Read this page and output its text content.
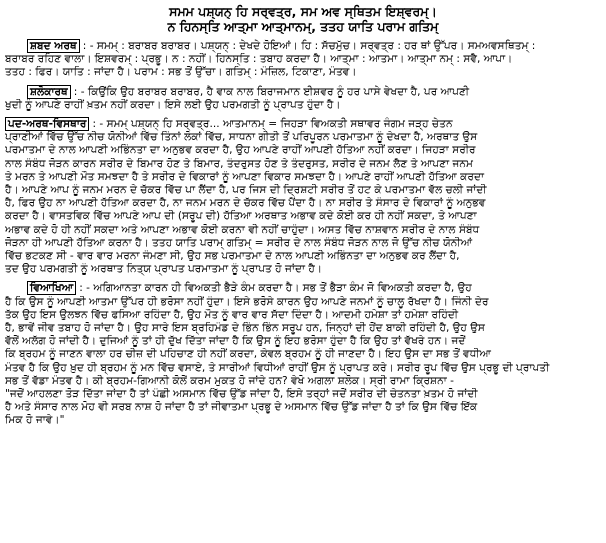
ਸਮਮ ਪਸ਼੍ਯਨ੍ ਹਿ ਸਰ੍ਵਤ੍ਰ, ਸਮ ਅਵ ਸ੍ਥਿਤਮ ਇਸ਼੍ਵਰਮ੍।
ਨ ਹਿਨਸ੍ਤਿ ਆਤ੍ਮਾ ਆਤ੍ਮਾਨਮ੍, ਤਤਹ ਯਾਤਿ ਪਰਾਮ ਗਤਿਮ੍
ਸ਼ਬਦ ਅਰਥ : - ਸਮਮ੍ : ਬਰਾਬਰ ਬਰਾਬਰ। ਪਸ਼੍ਯਨ੍ : ਦੇਖਦੇ ਹੋਇਆਂ। ਹਿ : ਸੱਚਮੁੱਚ। ਸਰ੍ਵਤ੍ਰ : ਹਰ ਥਾਂ ਉੱਪਰ। ਸਮਅਵਸਥਿਤਮ੍ :
ਬਰਾਬਰ ਰਹਿਣ ਵਾਲਾ। ਇਸ਼ਵਰਮ੍ : ਪ੍ਰਭੂ। ਨ : ਨਹੀਂ। ਹਿਨਸ੍ਤਿ : ਤਬਾਹ ਕਰਦਾ ਹੈ। ਆਤ੍ਮਾ : ਆਤਮਾ। ਆਤ੍ਮਾ ਨਮ੍ : ਸਵੈ, ਆਪਾ।
ਤਤਹ : ਫਿਰ। ਯਾਤਿ : ਜਾਂਦਾ ਹੈ। ਪਰਾਮ : ਸਭ ਤੋਂ ਉੱਚਾ। ਗਤਿਮ੍ : ਮੰਜ਼ਿਲ, ਟਿਕਾਣਾ, ਮੰਤਵ।
ਸ਼ਲੋਕਾਰਥ : - ਕਿਉਂਕਿ ਉਹ ਬਰਾਬਰ ਬਰਾਬਰ, ਹੈ ਵਾਕ ਨਾਲ ਬਿਰਾਜਮਾਨ ਈਸ਼ਵਰ ਨੂੰ ਹਰ ਪਾਸੇ ਵੇਖਦਾ ਹੈ, ਪਰ ਆਪਣੀ
ਖੁਦੀ ਨੂੰ ਆਪਣੇ ਰਾਹੀਂ ਖ਼ਤਮ ਨਹੀਂ ਕਰਦਾ। ਇਸੇ ਲਈ ਉਹ ਪਰਮਗਤੀ ਨੂੰ ਪ੍ਰਾਪਤ ਹੁੰਦਾ ਹੈ।
ਪਦ-ਅਰਥ-ਵਿਸਥਾਰ : - ਸਮਮ੍ ਪਸ਼੍ਯਨ੍ ਹਿ ਸਰ੍ਵਤ੍ਰ... ਆਤਮਾਨਮ੍ = ਜਿਹੜਾ ਵਿਅਕਤੀ ਸਥਾਵਰ ਜੰਗਮ ਜੜ੍ਹ ਚੇਤਨ
ਪ੍ਰਾਣੀਆਂ ਵਿੱਚ ਉੱਚ ਨੀਚ ਯੋਨੀਆਂ ਵਿੱਚ ਤਿੰਨਾਂ ਲੋਕਾਂ ਵਿੱਚ, ਸਾਧਨਾ ਗੀਤੀ ਤੋਂ ਪਰਿਪੂਰਨ ਪਰਮਾਤਮਾ ਨੂੰ ਦੇਖਦਾ ਹੈ, ਅਰਥਾਤ ਉਸ
ਪਰਮਾਤਮਾ ਦੇ ਨਾਲ ਆਪਣੀ ਅਭਿੰਨਤਾ ਦਾ ਅਨੁਭਵ ਕਰਦਾ ਹੈ, ਉਹ ਆਪਣੇ ਰਾਹੀਂ ਆਪਣੀ ਹੱਤਿਆ ਨਹੀਂ ਕਰਦਾ। ਜਿਹੜਾ ਸਰੀਰ
ਨਾਲ ਸੰਬੰਧ ਜੋੜਨ ਕਾਰਨ ਸਰੀਰ ਦੇ ਬਿਮਾਰ ਹੋਣ ਤੇ ਬਿਮਾਰ, ਤੰਦਰੁਸਤ ਹੋਣ ਤੇ ਤੰਦਰੁਸਤ, ਸਰੀਰ ਦੇ ਜਨਮ ਲੈਣ ਤੇ ਆਪਣਾ ਜਨਮ
ਤੇ ਮਰਨ ਤੇ ਆਪਣੀ ਮੌਤ ਸਮਝਦਾ ਹੈ ਤੇ ਸਰੀਰ ਦੇ ਵਿਕਾਰਾਂ ਨੂੰ ਆਪਣਾ ਵਿਕਾਰ ਸਮਝਦਾ ਹੈ। ਆਪਣੇ ਰਾਹੀਂ ਆਪਣੀ ਹੱਤਿਆ ਕਰਦਾ
ਹੈ। ਆਪਣੇ ਆਪ ਨੂੰ ਜਨਮ ਮਰਨ ਦੇ ਚੱਕਰ ਵਿੱਚ ਪਾ ਲੈਂਦਾ ਹੈ, ਪਰ ਜਿਸ ਦੀ ਦ੍ਰਿਸ਼ਟੀ ਸਰੀਰ ਤੋਂ ਹਟ ਕੇ ਪਰਮਾਤਮਾ ਵੱਲ ਚਲੀ ਜਾਂਦੀ
ਹੈ, ਫਿਰ ਉਹ ਨਾ ਆਪਣੀ ਹੱਤਿਆ ਕਰਦਾ ਹੈ, ਨਾ ਜਨਮ ਮਰਨ ਦੇ ਚੱਕਰ ਵਿੱਚ ਪੈਂਦਾ ਹੈ। ਨਾ ਸਰੀਰ ਤੇ ਸੰਸਾਰ ਦੇ ਵਿਕਾਰਾਂ ਨੂੰ ਅਨੁਭਵ
ਕਰਦਾ ਹੈ। ਵਾਸਤਵਿਕ ਵਿੱਚ ਆਪਣੇ ਆਪ ਦੀ (ਸਰੂਪ ਦੀ) ਹੱਤਿਆ ਅਰਥਾਤ ਅਭਾਵ ਕਦੇ ਕੋਈ ਕਰ ਹੀ ਨਹੀਂ ਸਕਦਾ, ਤੇ ਆਪਣਾ
ਅਭਾਵ ਕਦੇ ਹੋ ਹੀ ਨਹੀਂ ਸਕਦਾ ਅਤੇ ਆਪਣਾ ਅਭਾਵ ਕੋਈ ਕਰਨਾ ਵੀ ਨਹੀਂ ਚਾਹੁੰਦਾ। ਅਸਤ ਵਿੱਚ ਨਾਸ਼ਵਾਨ ਸਰੀਰ ਦੇ ਨਾਲ ਸੰਬੰਧ
ਜੋੜਨਾ ਹੀ ਆਪਣੀ ਹੱਤਿਆ ਕਰਨਾ ਹੈ। ਤਤਹ ਯਾਤਿ ਪਰਾਮ੍ ਗਤਿਮ੍ = ਸਰੀਰ ਦੇ ਨਾਲ ਸੰਬੰਧ ਜੋੜਨ ਨਾਲ ਜੋ ਉੱਚ ਨੀਚ ਯੋਨੀਆਂ
ਵਿੱਚ ਭਟਕਣ ਸੀ - ਵਾਰ ਵਾਰ ਮਰਨਾ ਜੰਮਣਾ ਸੀ, ਉਹ ਸਭ ਪਰਮਾਤਮਾ ਦੇ ਨਾਲ ਆਪਣੀ ਅਭਿੰਨਤਾ ਦਾ ਅਨੁਭਵ ਕਰ ਲੈਂਦਾ ਹੈ,
ਤਦ ਉਹ ਪਰਮਗਤੀ ਨੂੰ ਅਰਥਾਤ ਨਿਤ੍ਯ ਪ੍ਰਾਪਤ ਪਰਮਾਤਮਾ ਨੂੰ ਪ੍ਰਾਪਤ ਹੋ ਜਾਂਦਾ ਹੈ।
ਵਿਆਖਿਆ : - ਅਗਿਆਨਤਾ ਕਾਰਨ ਹੀ ਵਿਅਕਤੀ ਭੈੜੇ ਕੰਮ ਕਰਦਾ ਹੈ। ਸਭ ਤੋਂ ਭੈੜਾ ਕੰਮ ਜੋ ਵਿਅਕਤੀ ਕਰਦਾ ਹੈ, ਉਹ
ਹੈ ਕਿ ਉਸ ਨੂੰ ਆਪਣੀ ਆਤਮਾ ਉੱਪਰ ਹੀ ਭਰੋਸਾ ਨਹੀਂ ਹੁੰਦਾ। ਇਸੇ ਭਰੋਸੇ ਕਾਰਨ ਉਹ ਆਪਣੇ ਜਨਮਾਂ ਨੂੰ ਚਾਲੂ ਰੱਖਦਾ ਹੈ। ਜਿੰਨੀ ਦੇਰ
ਤੱਕ ਉਹ ਇਸ ਉਲਝਨ ਵਿੱਚ ਫਸਿਆ ਰਹਿੰਦਾ ਹੈ, ਉਹ ਮੌਤ ਨੂੰ ਵਾਰ ਵਾਰ ਸੱਦਾ ਦਿੰਦਾ ਹੈ। ਆਦਮੀ ਹਮੇਸ਼ਾ ਤਾਂ ਹਮੇਸ਼ਾ ਰਹਿੰਦੀ
ਹੈ, ਭਾਵੇਂ ਜੀਵ ਤਬਾਹ ਹੋ ਜਾਂਦਾ ਹੈ। ਉਹ ਸਾਰੇ ਇਸ ਬ੍ਰਹਿਮੰਡ ਦੇ ਭਿੰਨ ਭਿੰਨ ਸਰੂਪ ਹਨ, ਜਿਨ੍ਹਾਂ ਦੀ ਹੋਂਦ ਬਾਕੀ ਰਹਿੰਦੀ ਹੈ, ਉਹ ਉਸ
ਵੱਲੋਂ ਅਲੱਗ ਹੋ ਜਾਂਦੀ ਹੈ। ਦੁਜਿਆਂ ਨੂੰ ਤਾਂ ਹੀ ਦੁੱਖ ਦਿੱਤਾ ਜਾਂਦਾ ਹੈ ਕਿ ਉਸ ਨੂੰ ਇਹ ਭਰੋਸਾ ਹੁੰਦਾ ਹੈ ਕਿ ਉਹ ਤਾਂ ਵੱਖਰੇ ਹਨ। ਜਦੋਂ
ਕਿ ਬ੍ਰਹਮ ਨੂੰ ਜਾਣਨ ਵਾਲਾ ਹਰ ਚੀਜ਼ ਦੀ ਪਹਿਚਾਣ ਹੀ ਨਹੀਂ ਕਰਦਾ, ਕੇਵਲ ਬ੍ਰਹਮ ਨੂੰ ਹੀ ਜਾਣਦਾ ਹੈ। ਇਹ ਉਸ ਦਾ ਸਭ ਤੋਂ ਵਧੀਆ
ਮੰਤਵ ਹੈ ਕਿ ਉਹ ਖ਼ੁਦ ਹੀ ਬ੍ਰਹਮ ਨੂੰ ਮਨ ਵਿੱਚ ਵਸਾਏ, ਤੇ ਸਾਰੀਆਂ ਵਿਧੀਆਂ ਰਾਹੀਂ ਉਸ ਨੂੰ ਪ੍ਰਾਪਤ ਕਰੇ। ਸਰੀਰ ਰੂਪ ਵਿੱਚ ਉਸ ਪ੍ਰਭੂ ਦੀ ਪ੍ਰਾਪਤੀ
ਸਭ ਤੋਂ ਵੱਡਾ ਮੰਤਵ ਹੈ। ਕੀ ਬ੍ਰਹਮ-ਗਿਆਨੀ ਕੋਲੋਂ ਕਰਮ ਮੁਕਤ ਹੋ ਜਾਂਦੇ ਹਨ? ਵੇਖੋ ਅਗਲਾ ਸ਼ਲੋਕ। ਸ੍ਰੀ ਰਾਮਾ ਕ੍ਰਿਸ਼ਨਾ -
"ਜਦੋਂ ਆਹਲਣਾ ਤੋੜ ਦਿੱਤਾ ਜਾਂਦਾ ਹੈ ਤਾਂ ਪੰਛੀ ਅਸਮਾਨ ਵਿੱਚ ਉੱਡ ਜਾਂਦਾ ਹੈ, ਇਸੇ ਤਰ੍ਹਾਂ ਜਦੋਂ ਸਰੀਰ ਦੀ ਚੇਤਨਤਾ ਖ਼ਤਮ ਹੋ ਜਾਂਦੀ
ਹੈ ਅਤੇ ਸੰਸਾਰ ਨਾਲ ਮੋਹ ਵੀ ਸਰਬ ਨਾਸ਼ ਹੋ ਜਾਂਦਾ ਹੈ ਤਾਂ ਜੀਵਾਤਮਾ ਪ੍ਰਭੂ ਦੇ ਅਸਮਾਨ ਵਿੱਚ ਉੱਡ ਜਾਂਦਾ ਹੈ ਤਾਂ ਕਿ ਉਸ ਵਿੱਚ ਇੱਕ
ਮਿਕ ਹੋ ਜਾਵੇ।"
